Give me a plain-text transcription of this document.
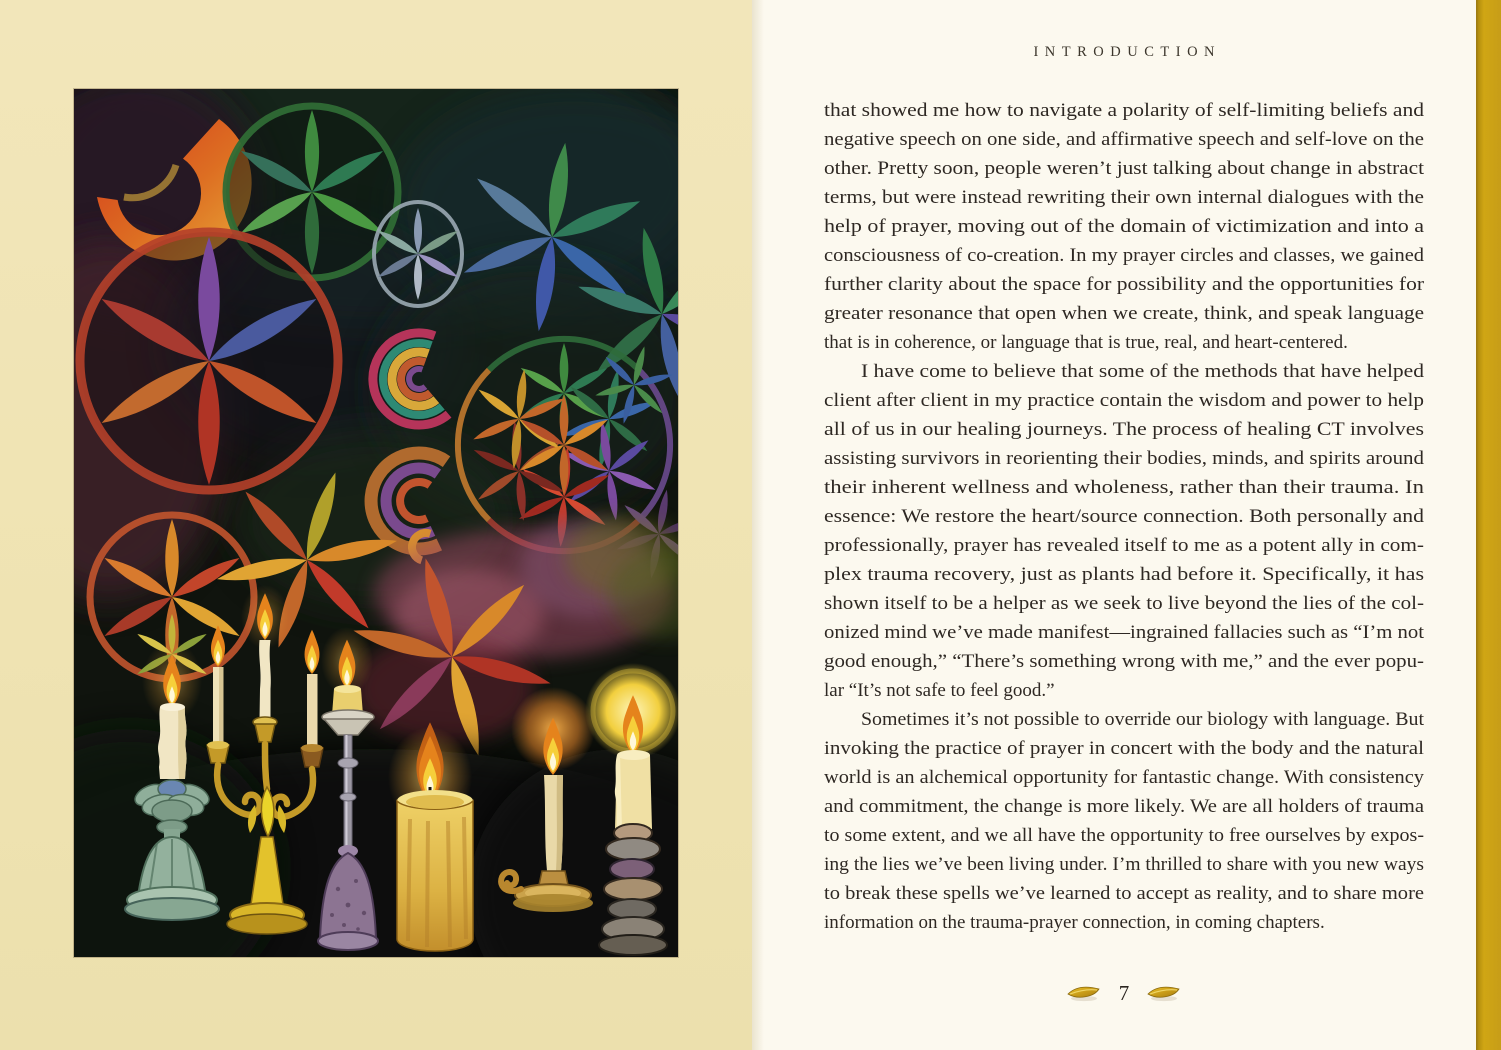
INTRODUCTION
that showed me how to navigate a polarity of self-limiting beliefs and
negative speech on one side, and affirmative speech and self-love on the
other. Pretty soon, people weren’t just talking about change in abstract
terms, but were instead rewriting their own internal dialogues with the
help of prayer, moving out of the domain of victimization and into a
consciousness of co-creation. In my prayer circles and classes, we gained
further clarity about the space for possibility and the opportunities for
greater resonance that open when we create, think, and speak language
that is in coherence, or language that is true, real, and heart-centered.
I have come to believe that some of the methods that have helped
client after client in my practice contain the wisdom and power to help
all of us in our healing journeys. The process of healing CT involves
assisting survivors in reorienting their bodies, minds, and spirits around
their inherent wellness and wholeness, rather than their trauma. In
essence: We restore the heart/source connection. Both personally and
professionally, prayer has revealed itself to me as a potent ally in com-
plex trauma recovery, just as plants had before it. Specifically, it has
shown itself to be a helper as we seek to live beyond the lies of the col-
onized mind we’ve made manifest—ingrained fallacies such as “I’m not
good enough,” “There’s something wrong with me,” and the ever popu-
lar “It’s not safe to feel good.”
Sometimes it’s not possible to override our biology with language. But
invoking the practice of prayer in concert with the body and the natural
world is an alchemical opportunity for fantastic change. With consistency
and commitment, the change is more likely. We are all holders of trauma
to some extent, and we all have the opportunity to free ourselves by expos-
ing the lies we’ve been living under. I’m thrilled to share with you new ways
to break these spells we’ve learned to accept as reality, and to share more
information on the trauma-prayer connection, in coming chapters.
7
